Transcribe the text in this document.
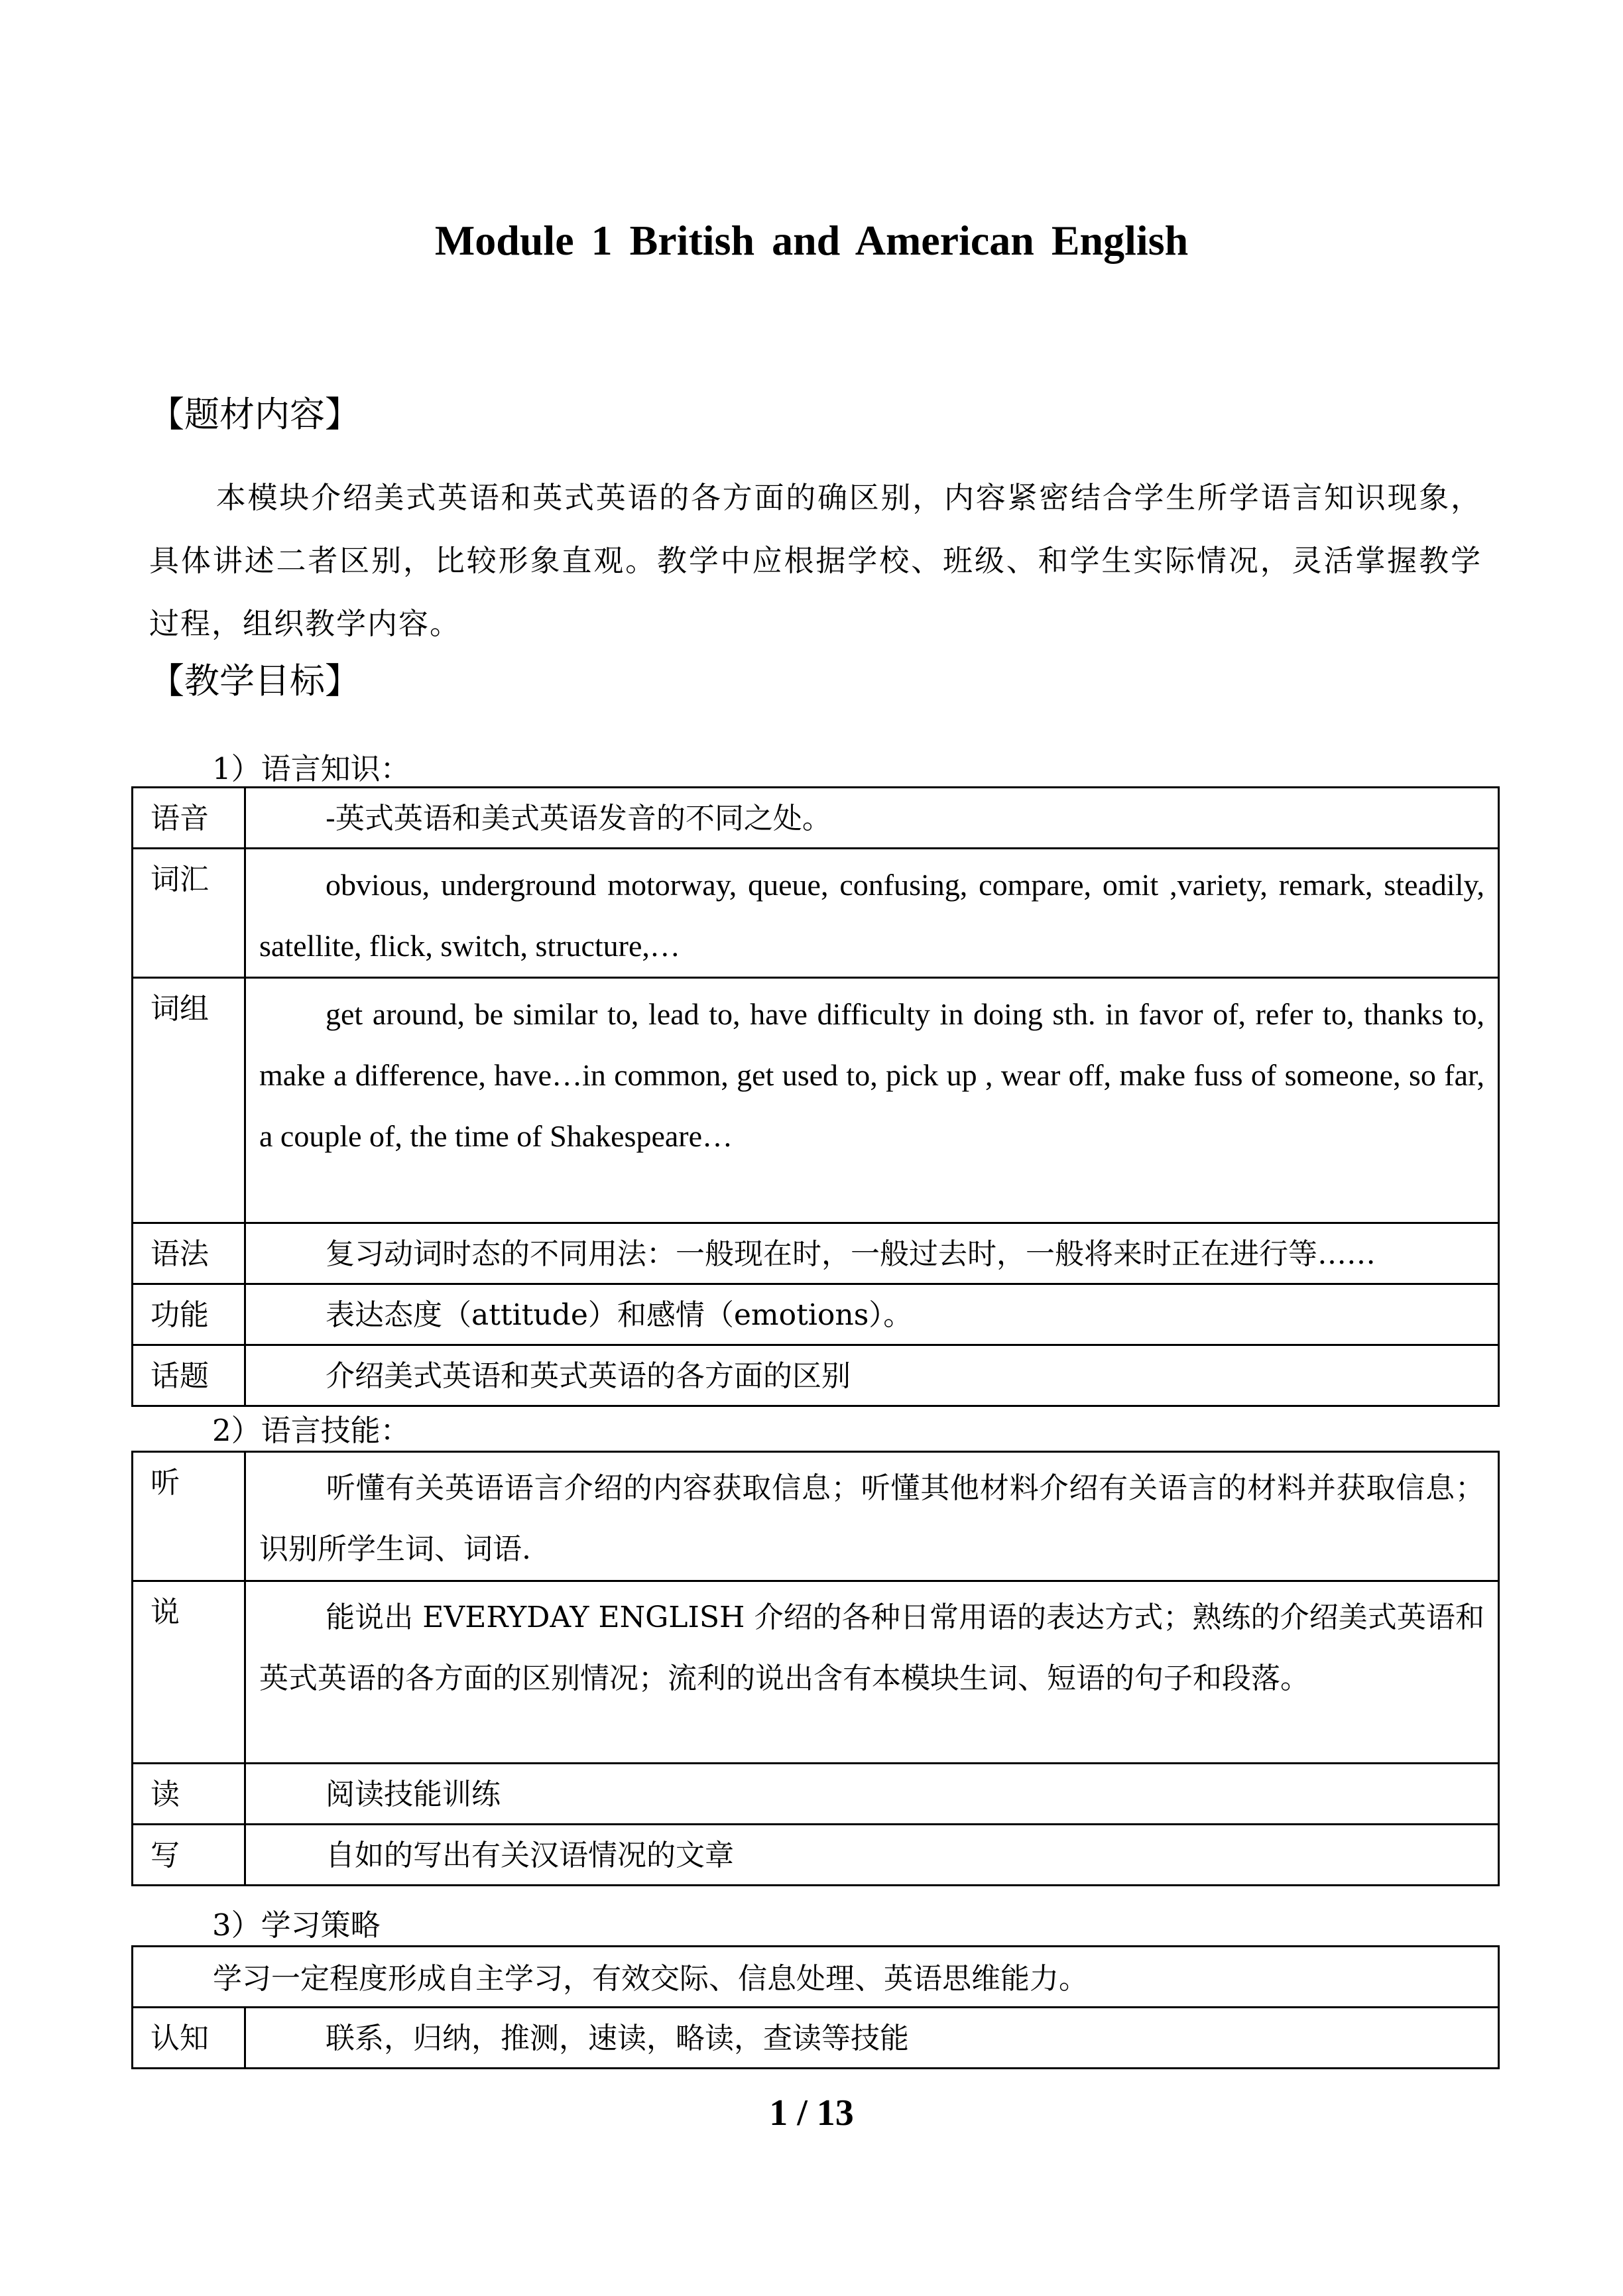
Module 1 British and American English
【题材内容】
本模块介绍美式英语和英式英语的各方面的确区别，内容紧密结合学生所学语言知识现象，具体讲述二者区别，比较形象直观。教学中应根据学校、班级、和学生实际情况，灵活掌握教学过程，组织教学内容。
【教学目标】
1）语言知识：
语音	-英式英语和美式英语发音的不同之处。
词汇	obvious, underground motorway, queue, confusing, compare, omit ,variety, remark, steadily, satellite, flick, switch, structure,…
词组	get around, be similar to, lead to, have difficulty in doing sth. in favor of, refer to, thanks to, make a difference, have…in common, get used to, pick up , wear off, make fuss of someone, so far, a couple of, the time of Shakespeare…
语法	复习动词时态的不同用法：一般现在时，一般过去时，一般将来时正在进行等……
功能	表达态度（attitude）和感情（emotions）。
话题	介绍美式英语和英式英语的各方面的区别
2）语言技能：
听	听懂有关英语语言介绍的内容获取信息；听懂其他材料介绍有关语言的材料并获取信息；识别所学生词、词语.
说	能说出 EVERYDAY ENGLISH 介绍的各种日常用语的表达方式；熟练的介绍美式英语和英式英语的各方面的区别情况；流利的说出含有本模块生词、短语的句子和段落。
读	阅读技能训练
写	自如的写出有关汉语情况的文章
3）学习策略
学习一定程度形成自主学习，有效交际、信息处理、英语思维能力。
认知	联系，归纳，推测，速读，略读，查读等技能
1 / 13
